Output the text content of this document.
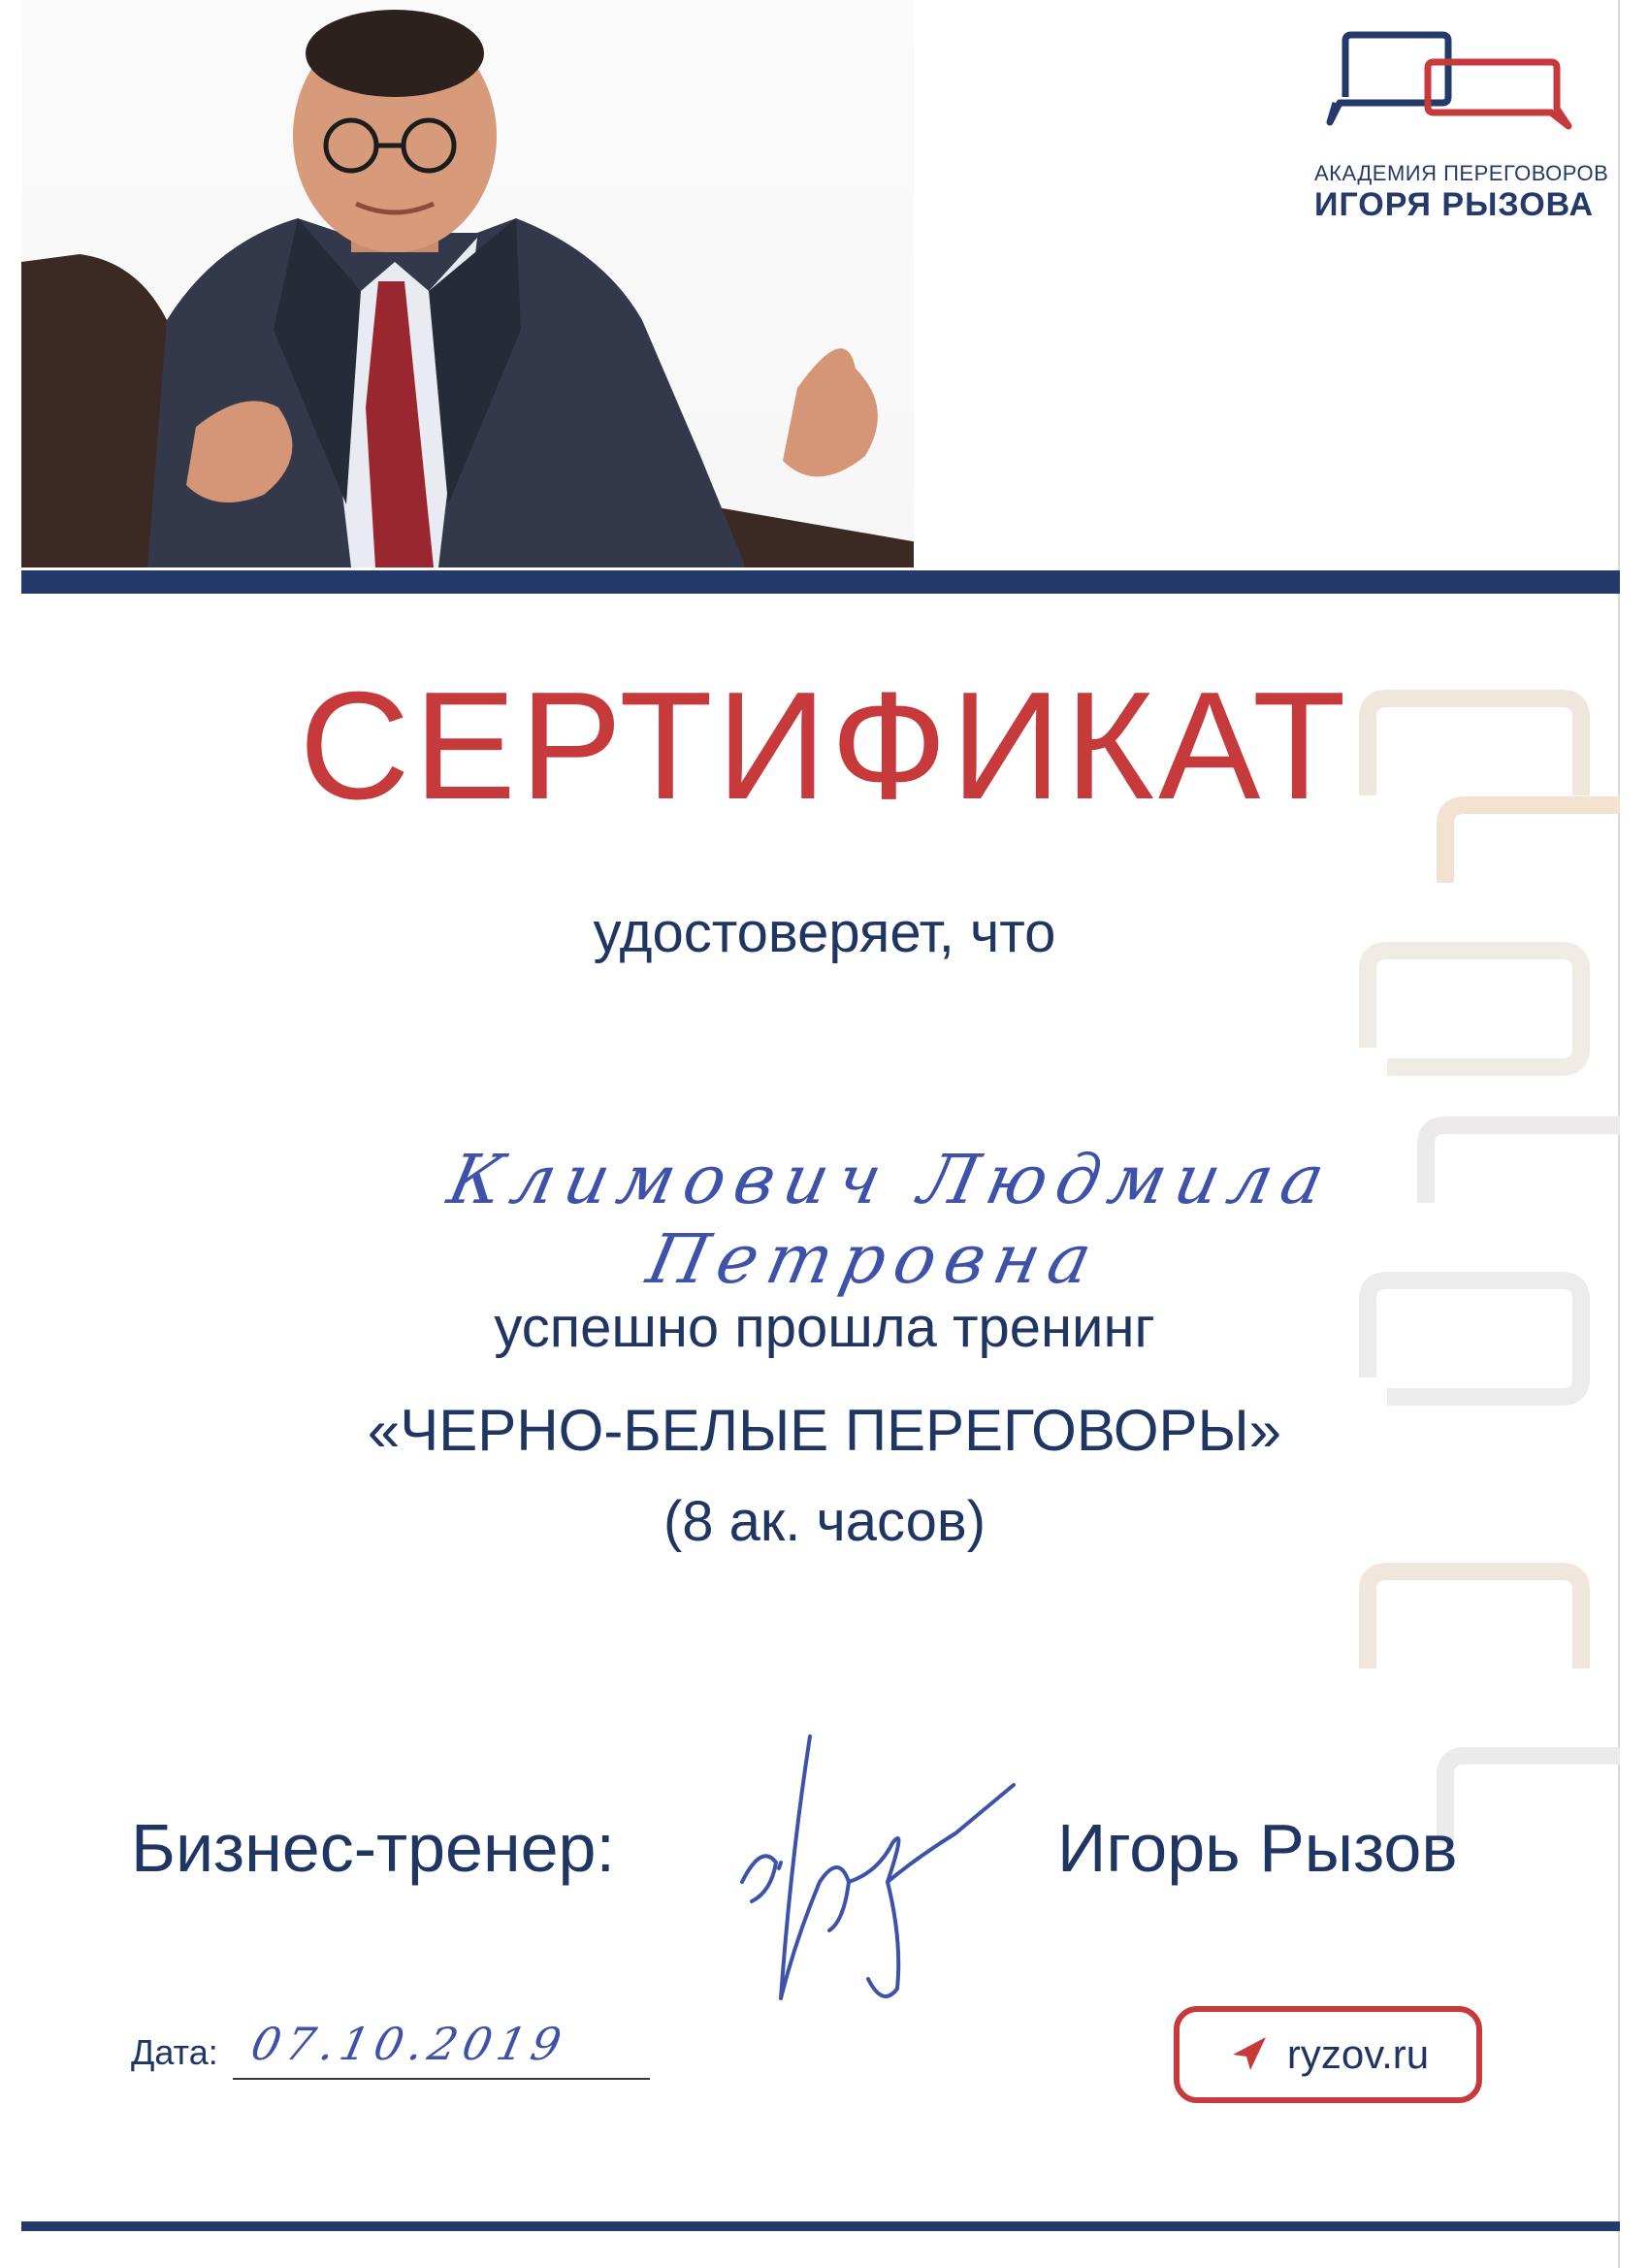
АКАДЕМИЯ ПЕРЕГОВОРОВ
ИГОРЯ РЫЗОВА
СЕРТИФИКАТ
удостоверяет, что
Климович Людмила Петровна
успешно прошла тренинг
«ЧЕРНО-БЕЛЫЕ ПЕРЕГОВОРЫ»
(8 ак. часов)
Бизнес-тренер:	Игорь Рызов
Дата: 07.10.2019	ryzov.ru
